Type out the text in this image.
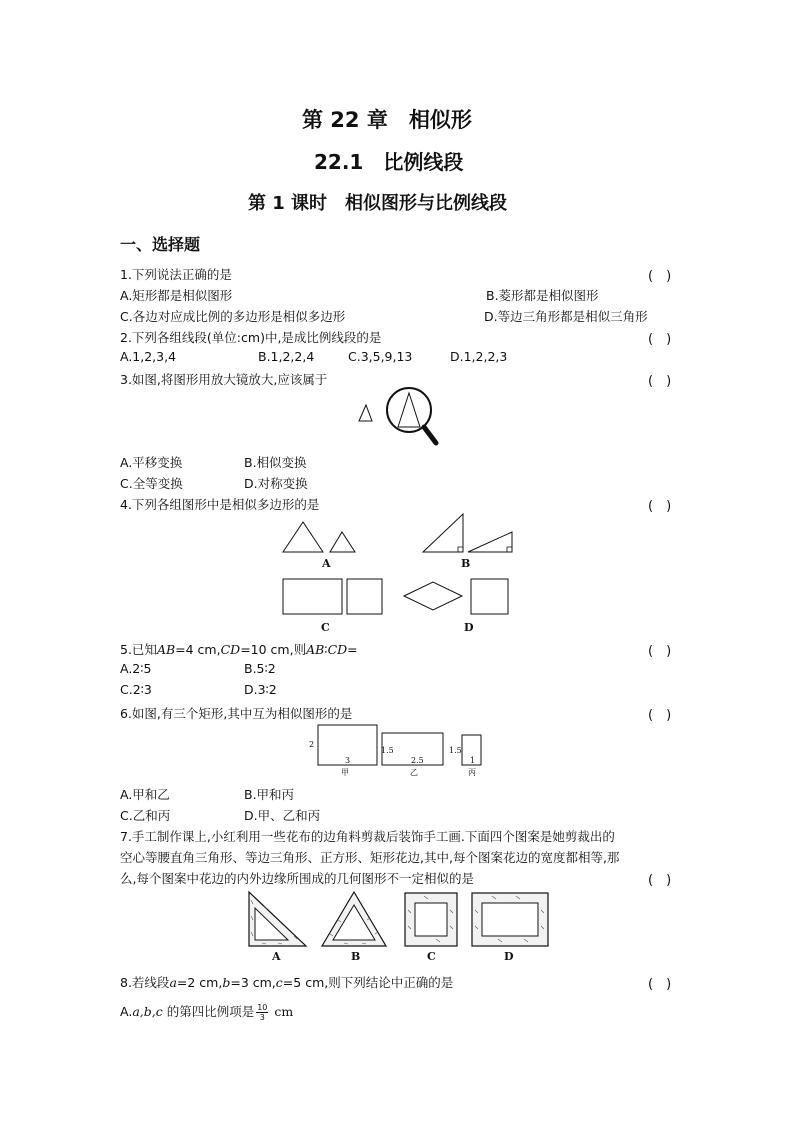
第 22 章　相似形
22.1　比例线段
第 1 课时　相似图形与比例线段
一、选择题
1.下列说法正确的是	(　)
A.矩形都是相似图形	B.菱形都是相似图形
C.各边对应成比例的多边形是相似多边形	D.等边三角形都是相似三角形
2.下列各组线段(单位:cm)中,是成比例线段的是	(　)
A.1,2,3,4	B.1,2,2,4	C.3,5,9,13	D.1,2,2,3
3.如图,将图形用放大镜放大,应该属于	(　)
A.平移变换	B.相似变换
C.全等变换	D.对称变换
4.下列各组图形中是相似多边形的是	(　)
A	B
C	D
5.已知AB=4 cm,CD=10 cm,则AB∶CD=	(　)
A.2∶5	B.5∶2
C.2∶3	D.3∶2
6.如图,有三个矩形,其中互为相似图形的是	(　)
2
3
1.5
2.5
1.5
1
甲	乙	丙
A.甲和乙	B.甲和丙
C.乙和丙	D.甲、乙和丙
7.手工制作课上,小红利用一些花布的边角料剪裁后装饰手工画.下面四个图案是她剪裁出的
空心等腰直角三角形、等边三角形、正方形、矩形花边,其中,每个图案花边的宽度都相等,那
么,每个图案中花边的内外边缘所围成的几何图形不一定相似的是	(　)
A	B	C	D
8.若线段a=2 cm,b=3 cm,c=5 cm,则下列结论中正确的是	(　)
A.a,b,c 的第四比例项是 $\frac{10}{3}$ cm
